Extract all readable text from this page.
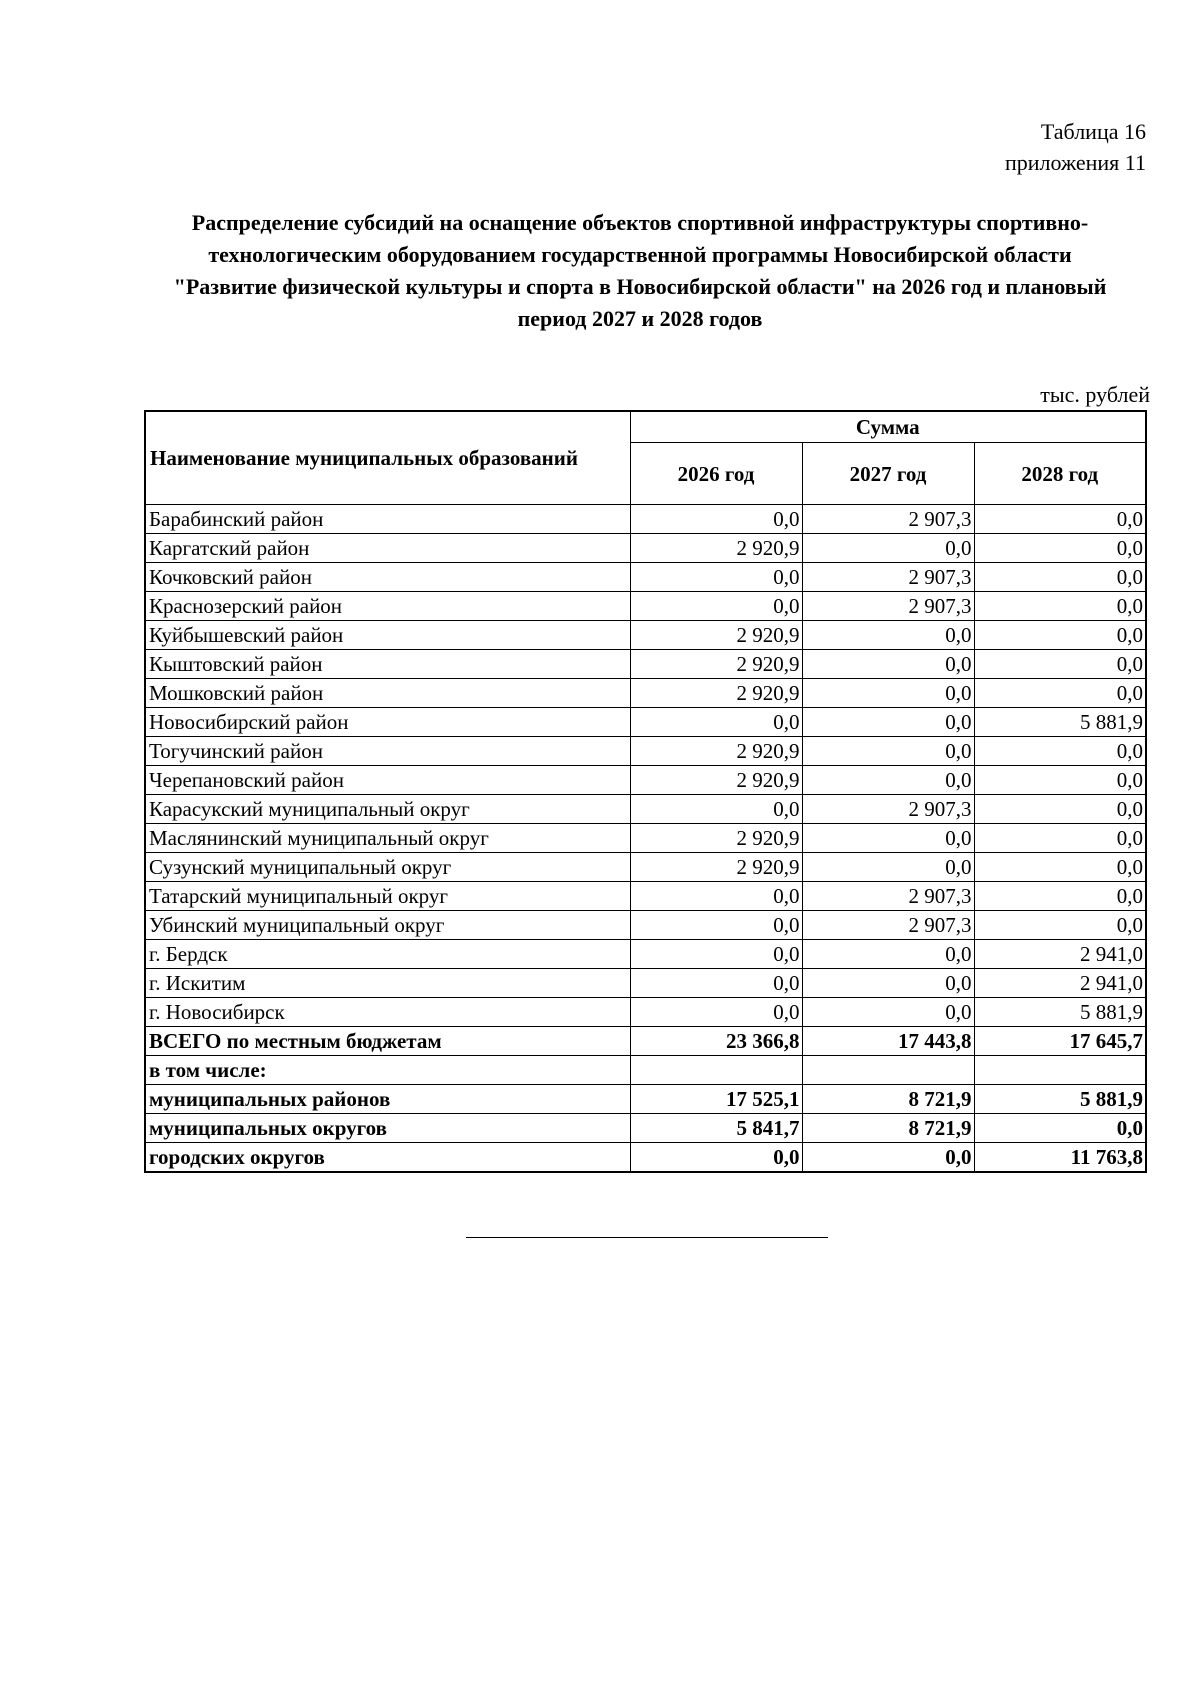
Таблица 16
приложения 11
Распределение субсидий на оснащение объектов спортивной инфраструктуры спортивно-
технологическим оборудованием государственной программы Новосибирской области
"Развитие физической культуры и спорта в Новосибирской области" на 2026 год и плановый
период 2027 и 2028 годов
тыс. рублей
Наименование муниципальных образований	Сумма		
	2026 год	2027 год	2028 год
Барабинский район	0,0	2 907,3	0,0
Каргатский район	2 920,9	0,0	0,0
Кочковский район	0,0	2 907,3	0,0
Краснозерский район	0,0	2 907,3	0,0
Куйбышевский район	2 920,9	0,0	0,0
Кыштовский район	2 920,9	0,0	0,0
Мошковский район	2 920,9	0,0	0,0
Новосибирский район	0,0	0,0	5 881,9
Тогучинский район	2 920,9	0,0	0,0
Черепановский район	2 920,9	0,0	0,0
Карасукский муниципальный округ	0,0	2 907,3	0,0
Маслянинский муниципальный округ	2 920,9	0,0	0,0
Сузунский муниципальный округ	2 920,9	0,0	0,0
Татарский муниципальный округ	0,0	2 907,3	0,0
Убинский муниципальный округ	0,0	2 907,3	0,0
г. Бердск	0,0	0,0	2 941,0
г. Искитим	0,0	0,0	2 941,0
г. Новосибирск	0,0	0,0	5 881,9
ВСЕГО по местным бюджетам	23 366,8	17 443,8	17 645,7
в том числе:			
муниципальных районов	17 525,1	8 721,9	5 881,9
муниципальных округов	5 841,7	8 721,9	0,0
городских округов	0,0	0,0	11 763,8
